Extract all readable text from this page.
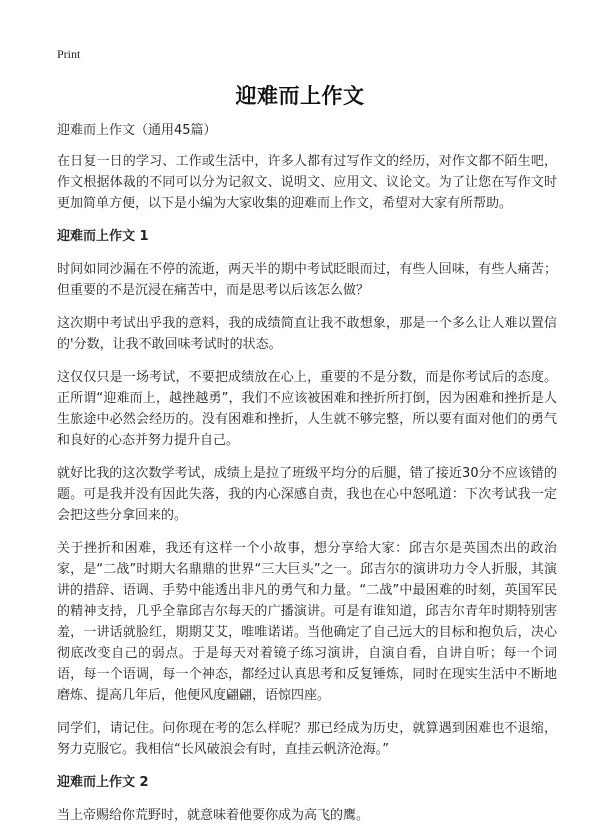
Print
迎难而上作文

迎难而上作文（通用45篇）

在日复一日的学习、工作或生活中，许多人都有过写作文的经历，对作文都不陌生吧，作文根据体裁的不同可以分为记叙文、说明文、应用文、议论文。为了让您在写作文时更加简单方便，以下是小编为大家收集的迎难而上作文，希望对大家有所帮助。

迎难而上作文 1

时间如同沙漏在不停的流逝，两天半的期中考试眨眼而过，有些人回味，有些人痛苦；但重要的不是沉浸在痛苦中，而是思考以后该怎么做？

这次期中考试出乎我的意料，我的成绩简直让我不敢想象，那是一个多么让人难以置信的'分数，让我不敢回味考试时的状态。

这仅仅只是一场考试，不要把成绩放在心上，重要的不是分数，而是你考试后的态度。正所谓“迎难而上，越挫越勇”，我们不应该被困难和挫折所打倒，因为困难和挫折是人生旅途中必然会经历的。没有困难和挫折，人生就不够完整，所以要有面对他们的勇气和良好的心态并努力提升自己。

就好比我的这次数学考试，成绩上是拉了班级平均分的后腿，错了接近30分不应该错的题。可是我并没有因此失落，我的内心深感自责，我也在心中怒吼道：下次考试我一定会把这些分拿回来的。

关于挫折和困难，我还有这样一个小故事，想分享给大家：邱吉尔是英国杰出的政治家，是“二战”时期大名鼎鼎的世界“三大巨头”之一。邱吉尔的演讲功力令人折服，其演讲的措辞、语调、手势中能透出非凡的勇气和力量。“二战”中最困难的时刻，英国军民的精神支持，几乎全靠邱吉尔每天的广播演讲。可是有谁知道，邱吉尔青年时期特别害羞，一讲话就脸红，期期艾艾，唯唯诺诺。当他确定了自己远大的目标和抱负后，决心彻底改变自己的弱点。于是每天对着镜子练习演讲，自演自看，自讲自听；每一个词语，每一个语调，每一个神态，都经过认真思考和反复锤炼，同时在现实生活中不断地磨炼、提高几年后，他便风度翩翩，语惊四座。

同学们，请记住。问你现在考的怎么样呢？那已经成为历史，就算遇到困难也不退缩，努力克服它。我相信“长风破浪会有时，直挂云帆济沧海。”

迎难而上作文 2

当上帝赐给你荒野时，就意味着他要你成为高飞的鹰。
